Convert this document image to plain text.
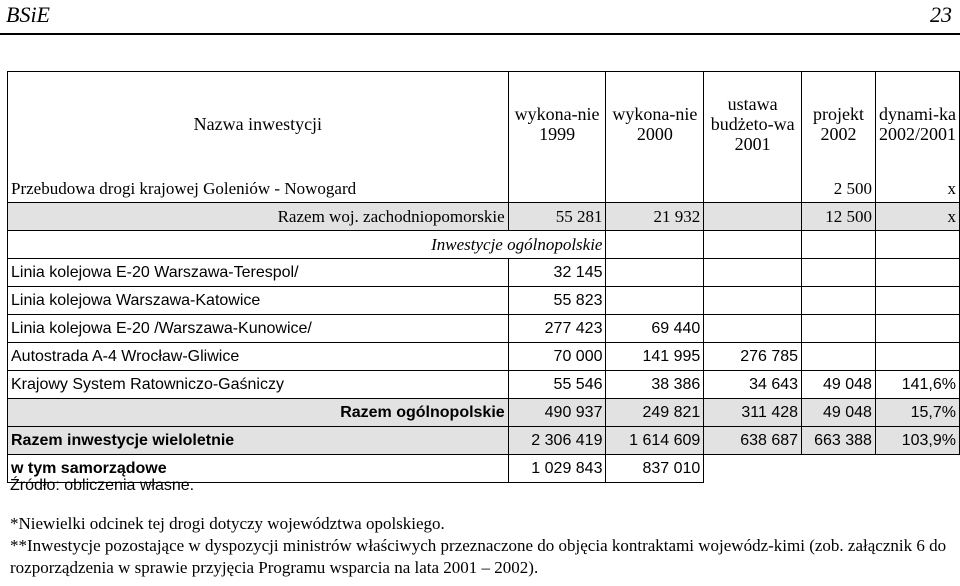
BSiE	23
Nazwa inwestycji	wykona-nie 1999	wykona-nie 2000	ustawa budżeto-wa 2001	projekt 2002	dynami-ka 2002/2001
Przebudowa drogi krajowej Goleniów - Nowogard				2 500	x
Razem woj. zachodniopomorskie	55 281	21 932		12 500	x
Inwestycje ogólnopolskie					
Linia kolejowa E-20 Warszawa-Terespol/	32 145				
Linia kolejowa Warszawa-Katowice	55 823				
Linia kolejowa E-20 /Warszawa-Kunowice/	277 423	69 440			
Autostrada A-4 Wrocław-Gliwice	70 000	141 995	276 785		
Krajowy System Ratowniczo-Gaśniczy	55 546	38 386	34 643	49 048	141,6%
Razem ogólnopolskie	490 937	249 821	311 428	49 048	15,7%
Razem inwestycje wieloletnie	2 306 419	1 614 609	638 687	663 388	103,9%
w tym samorządowe	1 029 843	837 010			
Źródło: obliczenia własne.

*Niewielki odcinek tej drogi dotyczy województwa opolskiego.

**Inwestycje pozostające w dyspozycji ministrów właściwych przeznaczone do objęcia kontraktami wojewódz-kimi (zob. załącznik 6 do rozporządzenia w sprawie przyjęcia Programu wsparcia na lata 2001 – 2002).
